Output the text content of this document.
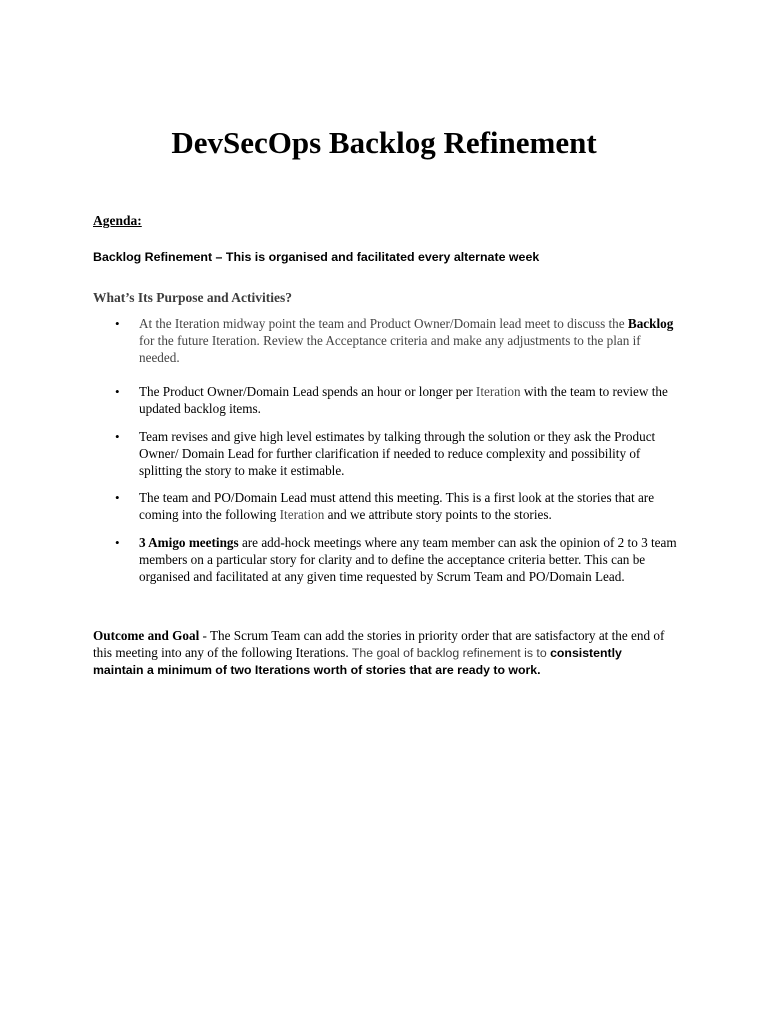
DevSecOps Backlog Refinement
Agenda:
Backlog Refinement – This is organised and facilitated every alternate week
What’s Its Purpose and Activities?
• At the Iteration midway point the team and Product Owner/Domain lead meet to discuss the Backlog for the future Iteration. Review the Acceptance criteria and make any adjustments to the plan if needed.
• The Product Owner/Domain Lead spends an hour or longer per Iteration with the team to review the updated backlog items.
• Team revises and give high level estimates by talking through the solution or they ask the Product Owner/ Domain Lead for further clarification if needed to reduce complexity and possibility of splitting the story to make it estimable.
• The team and PO/Domain Lead must attend this meeting. This is a first look at the stories that are coming into the following Iteration and we attribute story points to the stories.
• 3 Amigo meetings are add-hock meetings where any team member can ask the opinion of 2 to 3 team members on a particular story for clarity and to define the acceptance criteria better. This can be organised and facilitated at any given time requested by Scrum Team and PO/Domain Lead.
Outcome and Goal - The Scrum Team can add the stories in priority order that are satisfactory at the end of this meeting into any of the following Iterations. The goal of backlog refinement is to consistently maintain a minimum of two Iterations worth of stories that are ready to work.
